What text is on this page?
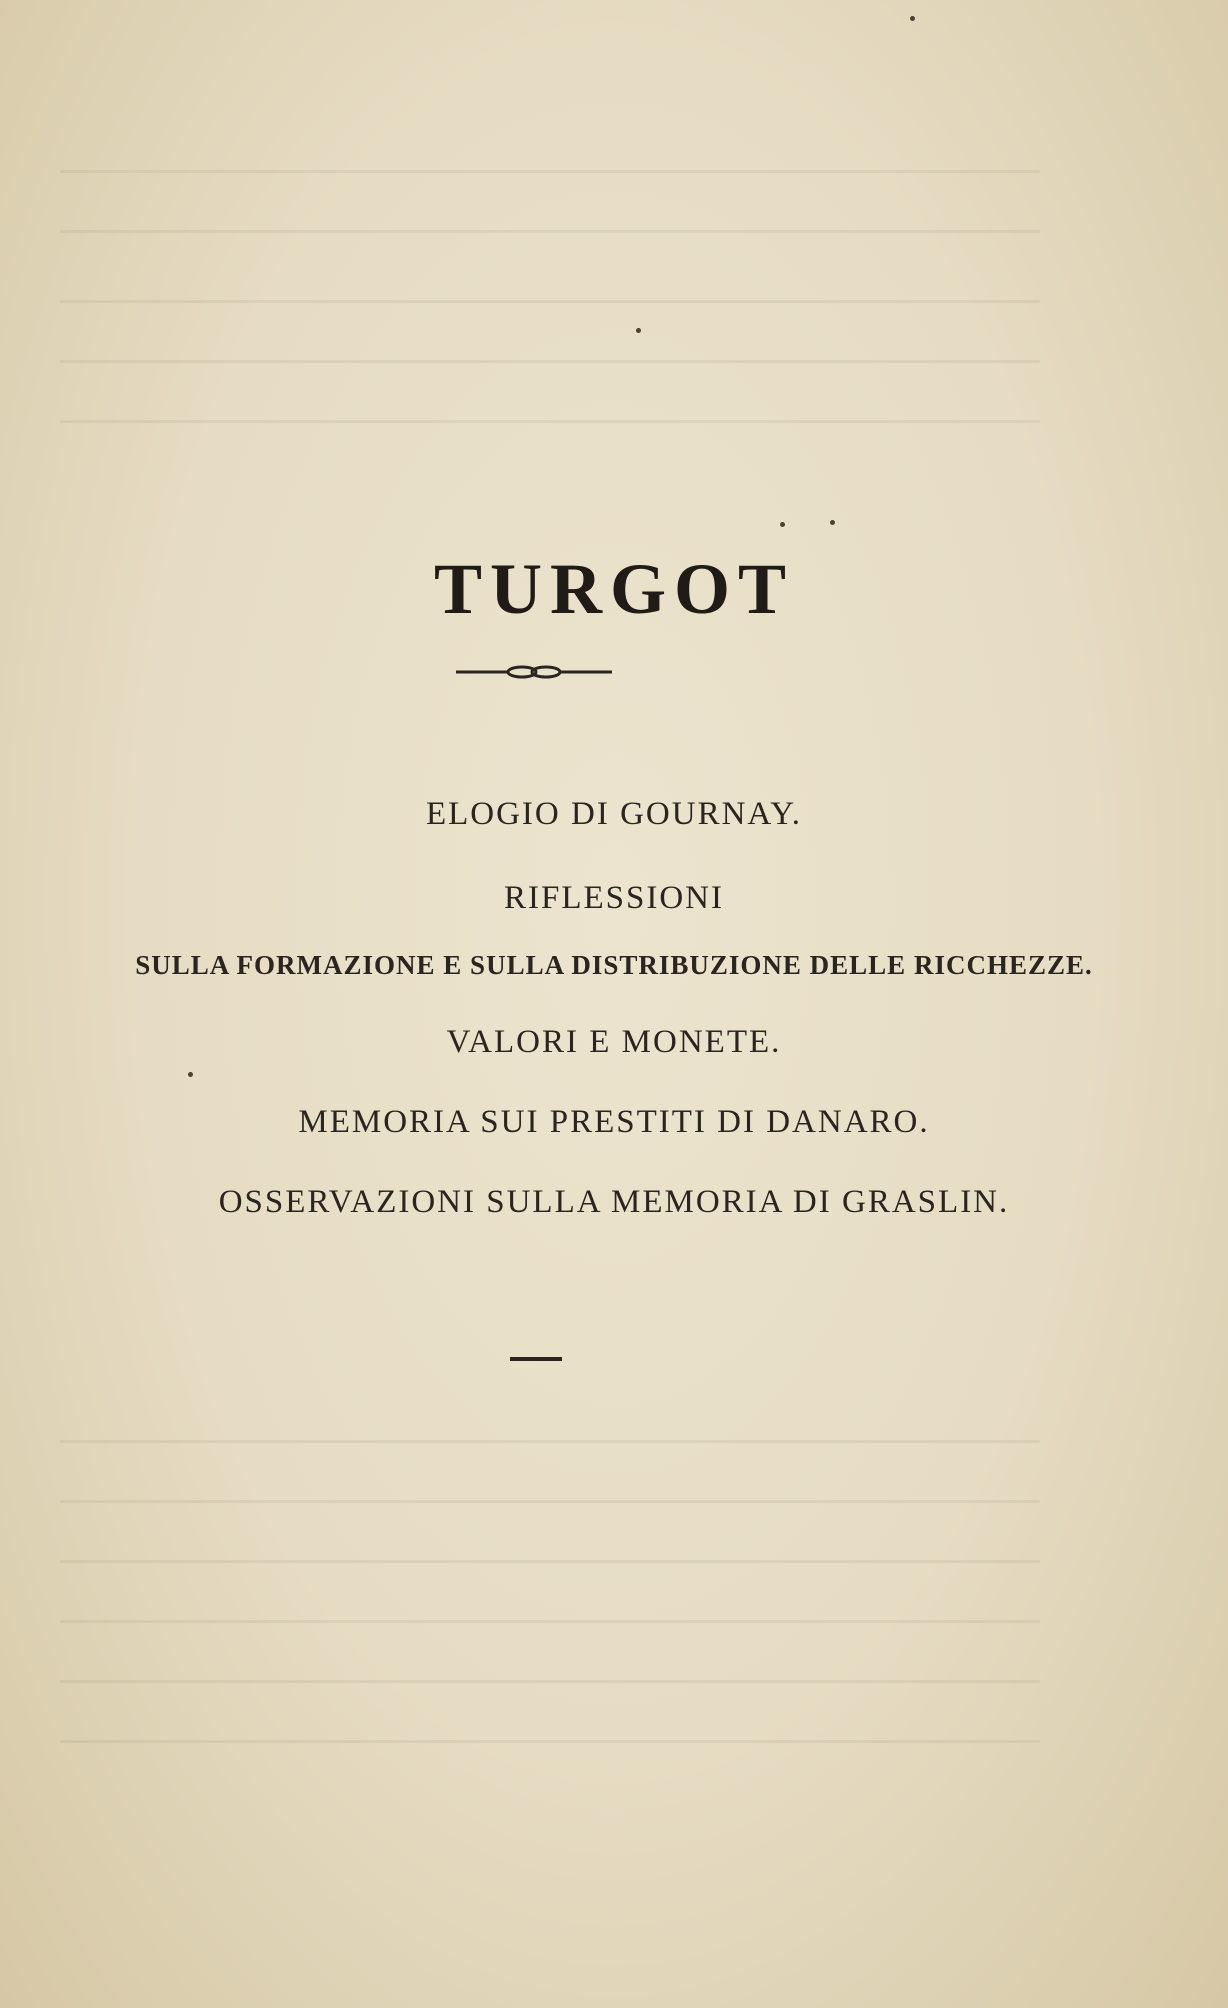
TURGOT
ELOGIO DI GOURNAY.
RIFLESSIONI
SULLA FORMAZIONE E SULLA DISTRIBUZIONE DELLE RICCHEZZE.
VALORI E MONETE.
MEMORIA SUI PRESTITI DI DANARO.
OSSERVAZIONI SULLA MEMORIA DI GRASLIN.
